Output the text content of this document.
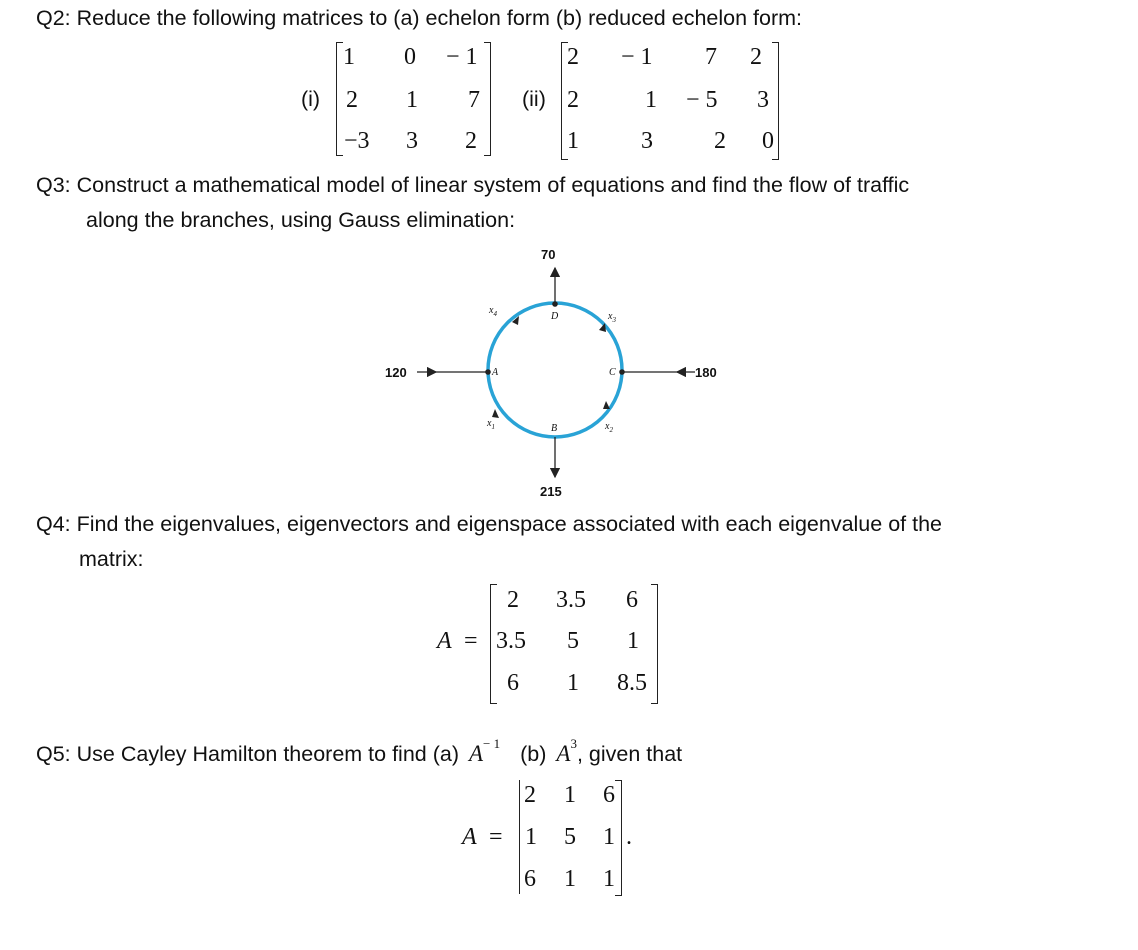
Q2: Reduce the following matrices to (a) echelon form (b) reduced echelon form:
(i)
1 0 − 1
2 1 7
−3 3 2
(ii)
2 − 1 7 2
2	1 − 5 3
1	3	2 0
Q3: Construct a mathematical model of linear system of equations and find the flow of traffic
along the branches, using Gauss elimination:
70
120	180
215
D
A	C
B
$x_4$	$x_3$
$x_2$
$x_1$
Q4: Find the eigenvalues, eigenvectors and eigenspace associated with each eigenvalue of the
matrix:
A =
2 3.5 6
3.5 5 1
6 1 8.5
Q5: Use Cayley Hamilton theorem to find (a) $A^{- 1}$ (b) $A^3$, given that
A =
2 1 6
1 5 1
6 1 1
.
